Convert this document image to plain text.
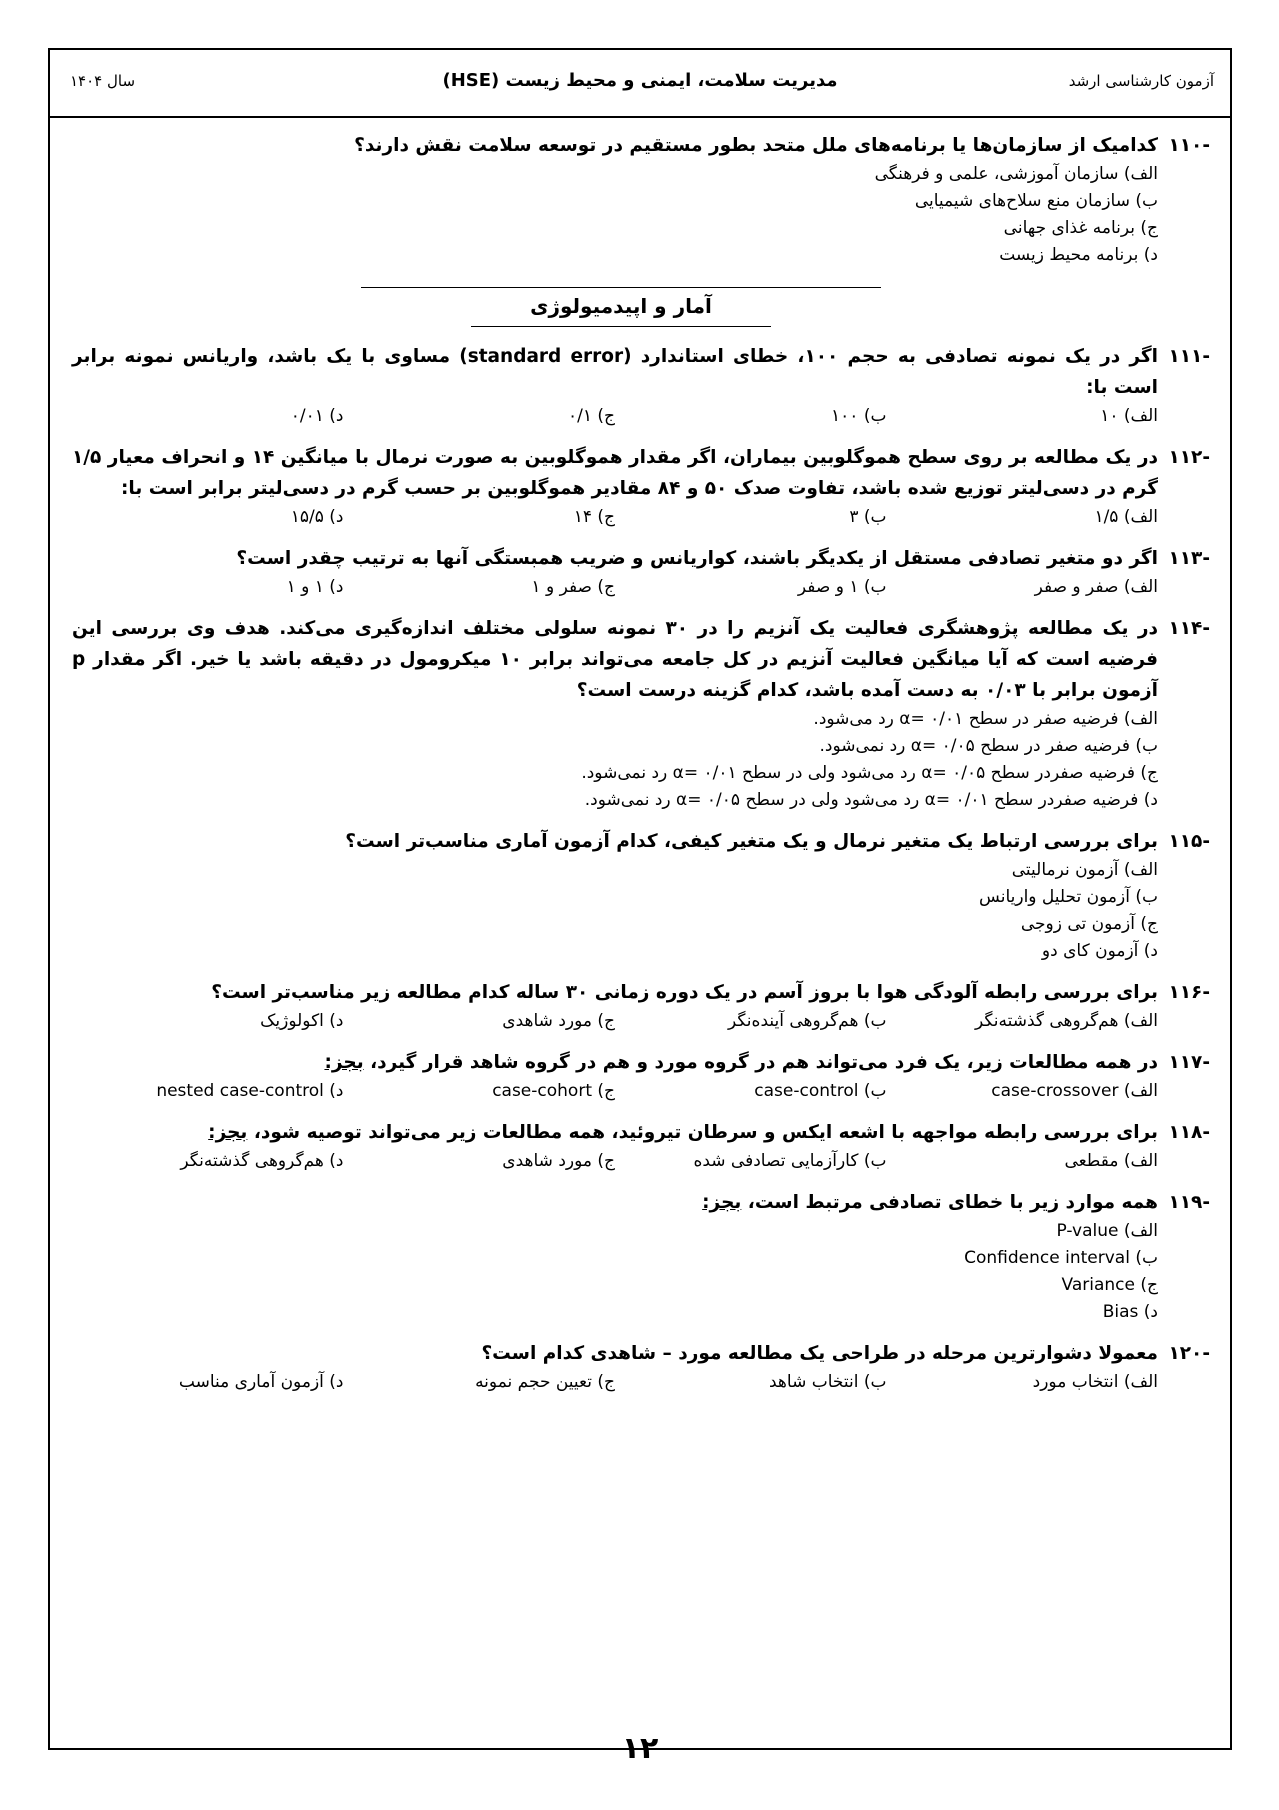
آزمون کارشناسی ارشد
مدیریت سلامت، ایمنی و محیط زیست (HSE)
سال ۱۴۰۴
-۱۱۰
کدامیک از سازمان‌ها یا برنامه‌های ملل متحد بطور مستقیم در توسعه سلامت نقش دارند؟
الف) سازمان آموزشی، علمی و فرهنگی
ب) سازمان منع سلاح‌های شیمیایی
ج) برنامه غذای جهانی
د) برنامه محیط زیست
آمار و اپیدمیولوژی
-۱۱۱
اگر در یک نمونه تصادفی به حجم ۱۰۰، خطای استاندارد (standard error) مساوی با یک باشد، واریانس نمونه برابر است با:
الف) ۱۰
ب) ۱۰۰
ج) ۰/۱
د) ۰/۰۱
-۱۱۲
در یک مطالعه بر روی سطح هموگلوبین بیماران، اگر مقدار هموگلوبین به صورت نرمال با میانگین ۱۴ و انحراف معیار ۱/۵ گرم در دسی‌لیتر توزیع شده باشد، تفاوت صدک ۵۰ و ۸۴ مقادیر هموگلوبین بر حسب گرم در دسی‌لیتر برابر است با:
الف) ۱/۵
ب) ۳
ج) ۱۴
د) ۱۵/۵
-۱۱۳
اگر دو متغیر تصادفی مستقل از یکدیگر باشند، کواریانس و ضریب همبستگی آنها به ترتیب چقدر است؟
الف) صفر و صفر
ب) ۱ و صفر
ج) صفر و ۱
د) ۱ و ۱
-۱۱۴
در یک مطالعه پژوهشگری فعالیت یک آنزیم را در ۳۰ نمونه سلولی مختلف اندازه‌گیری می‌کند. هدف وی بررسی این فرضیه است که آیا میانگین فعالیت آنزیم در کل جامعه می‌تواند برابر ۱۰ میکرومول در دقیقه باشد یا خیر. اگر مقدار p آزمون برابر با ۰/۰۳ به دست آمده باشد، کدام گزینه درست است؟
الف) فرضیه صفر در سطح ۰/۰۱ =α رد می‌شود.
ب) فرضیه صفر در سطح ۰/۰۵ =α رد نمی‌شود.
ج) فرضیه صفردر سطح ۰/۰۵ =α رد می‌شود ولی در سطح ۰/۰۱ =α رد نمی‌شود.
د) فرضیه صفردر سطح ۰/۰۱ =α رد می‌شود ولی در سطح ۰/۰۵ =α رد نمی‌شود.
-۱۱۵
برای بررسی ارتباط یک متغیر نرمال و یک متغیر کیفی، کدام آزمون آماری مناسب‌تر است؟
الف) آزمون نرمالیتی
ب) آزمون تحلیل واریانس
ج) آزمون تی زوجی
د) آزمون کای دو
-۱۱۶
برای بررسی رابطه آلودگی هوا با بروز آسم در یک دوره زمانی ۳۰ ساله کدام مطالعه زیر مناسب‌تر است؟
الف) هم‌گروهی گذشته‌نگر
ب) هم‌گروهی آینده‌نگر
ج) مورد شاهدی
د) اکولوژیک
-۱۱۷
در همه مطالعات زیر، یک فرد می‌تواند هم در گروه مورد و هم در گروه شاهد قرار گیرد، بجز:
الف) case-crossover
ب) case-control
ج) case-cohort
د) nested case-control
-۱۱۸
برای بررسی رابطه مواجهه با اشعه ایکس و سرطان تیروئید، همه مطالعات زیر می‌تواند توصیه شود، بجز:
الف) مقطعی
ب) کارآزمایی تصادفی شده
ج) مورد شاهدی
د) هم‌گروهی گذشته‌نگر
-۱۱۹
همه موارد زیر با خطای تصادفی مرتبط است، بجز:
الف) P-value
ب) Confidence interval
ج) Variance
د) Bias
-۱۲۰
معمولا دشوارترین مرحله در طراحی یک مطالعه مورد – شاهدی کدام است؟
الف) انتخاب مورد
ب) انتخاب شاهد
ج) تعیین حجم نمونه
د) آزمون آماری مناسب
۱۲
